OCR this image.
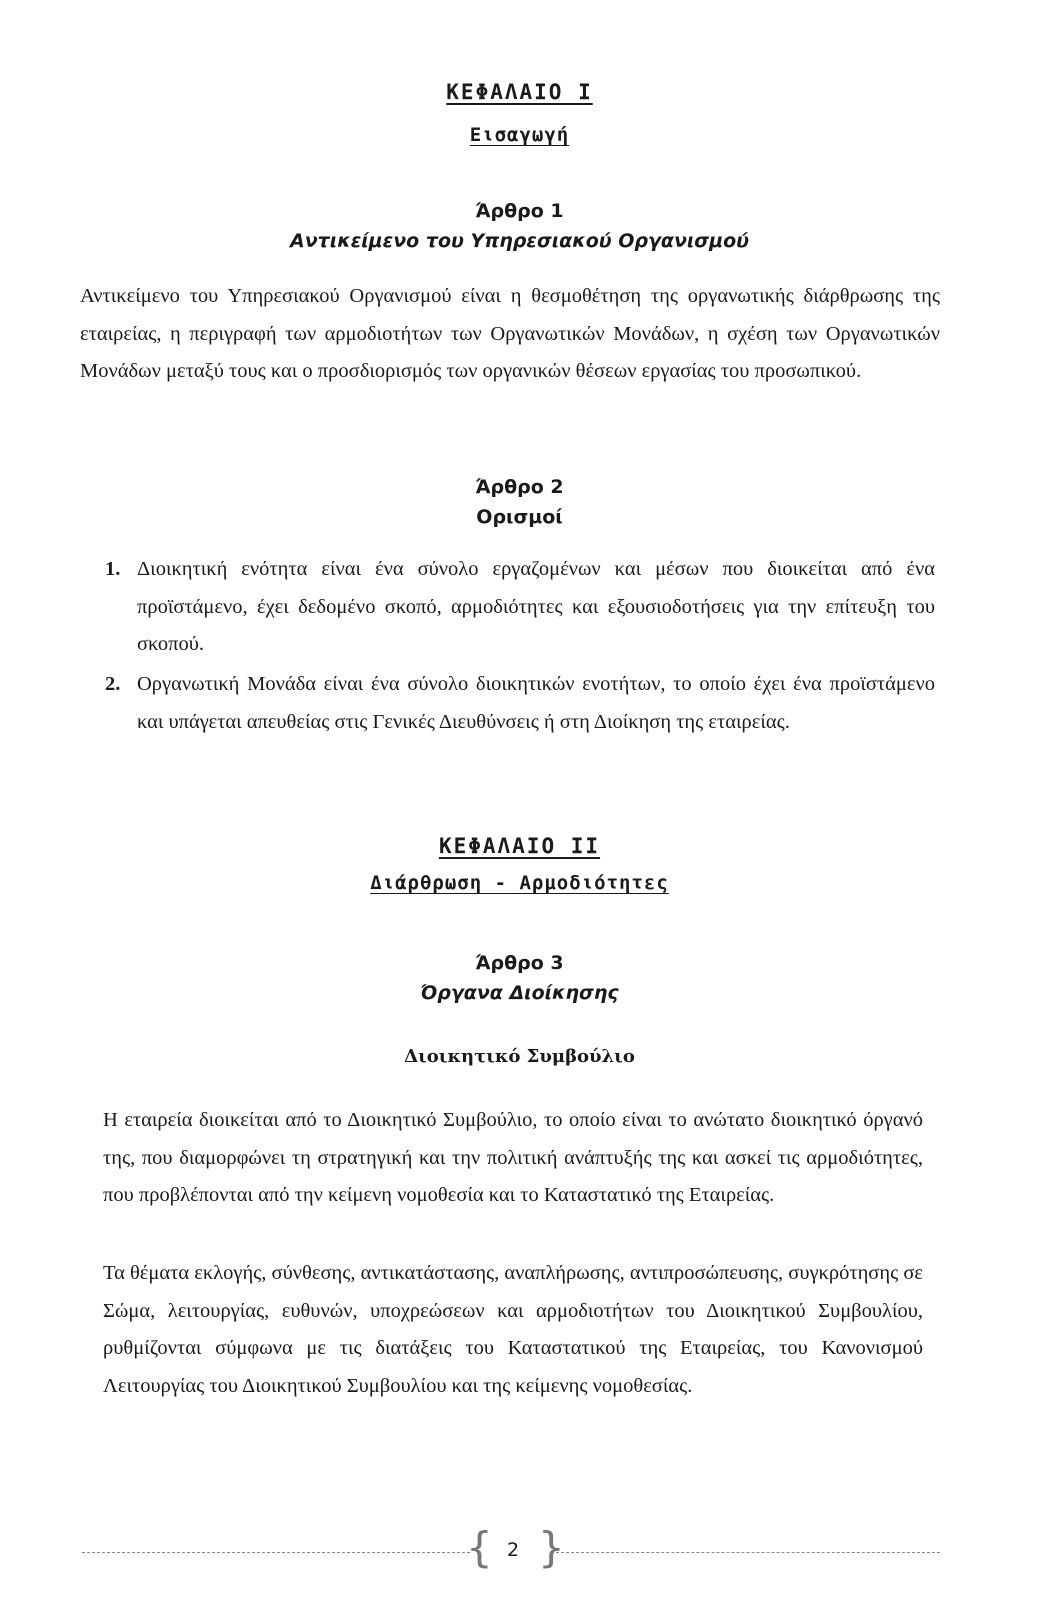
ΚΕΦΑΛΑΙΟ Ι
Εισαγωγή
Άρθρο 1
Αντικείμενο του Υπηρεσιακού Οργανισμού

Αντικείμενο του Υπηρεσιακού Οργανισμού είναι η θεσμοθέτηση της οργανωτικής διάρθρωσης της εταιρείας, η περιγραφή των αρμοδιοτήτων των Οργανωτικών Μονάδων, η σχέση των Οργανωτικών Μονάδων μεταξύ τους και ο προσδιορισμός των οργανικών θέσεων εργασίας του προσωπικού.

Άρθρο 2
Ορισμοί
1. Διοικητική ενότητα είναι ένα σύνολο εργαζομένων και μέσων που διοικείται από ένα προϊστάμενο, έχει δεδομένο σκοπό, αρμοδιότητες και εξουσιοδοτήσεις για την επίτευξη του σκοπού.

2. Οργανωτική Μονάδα είναι ένα σύνολο διοικητικών ενοτήτων, το οποίο έχει ένα προϊστάμενο και υπάγεται απευθείας στις Γενικές Διευθύνσεις ή στη Διοίκηση της εταιρείας.

ΚΕΦΑΛΑΙΟ ΙΙ
Διάρθρωση - Αρμοδιότητες
Άρθρο 3
Όργανα Διοίκησης
Διοικητικό Συμβούλιο

Η εταιρεία διοικείται από το Διοικητικό Συμβούλιο, το οποίο είναι το ανώτατο διοικητικό όργανό της, που διαμορφώνει τη στρατηγική και την πολιτική ανάπτυξής της και ασκεί τις αρμοδιότητες, που προβλέπονται από την κείμενη νομοθεσία και το Καταστατικό της Εταιρείας.

Τα θέματα εκλογής, σύνθεσης, αντικατάστασης, αναπλήρωσης, αντιπροσώπευσης, συγκρότησης σε Σώμα, λειτουργίας, ευθυνών, υποχρεώσεων και αρμοδιοτήτων του Διοικητικού Συμβουλίου, ρυθμίζονται σύμφωνα με τις διατάξεις του Καταστατικού της Εταιρείας, του Κανονισμού Λειτουργίας του Διοικητικού Συμβουλίου και της κείμενης νομοθεσίας.

{ }
2
